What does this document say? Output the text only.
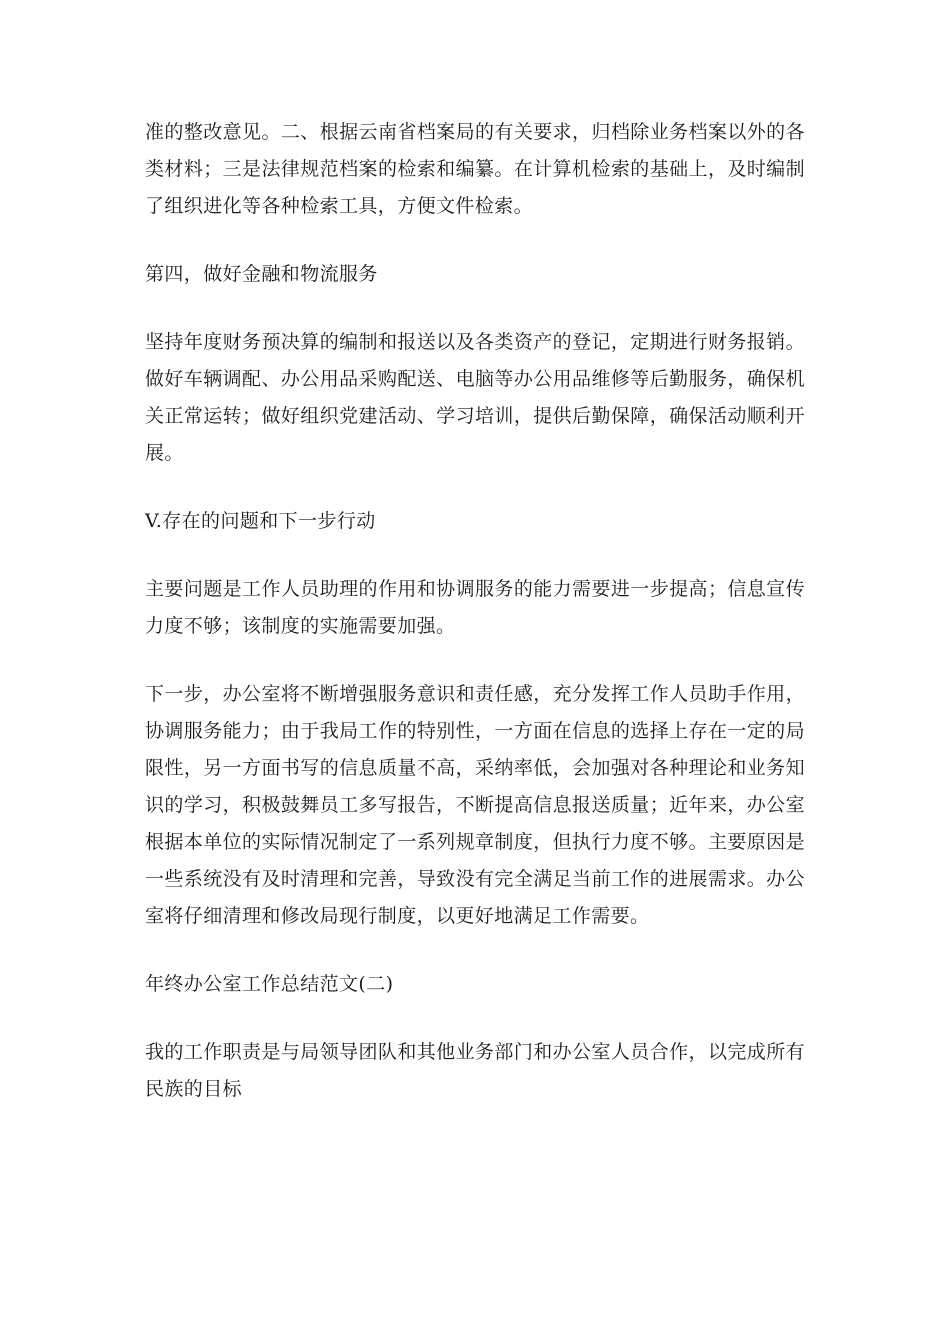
准的整改意见。二、根据云南省档案局的有关要求，归档除业务档案以外的各类材料；三是法律规范档案的检索和编纂。在计算机检索的基础上，及时编制了组织进化等各种检索工具，方便文件检索。

第四，做好金融和物流服务

坚持年度财务预决算的编制和报送以及各类资产的登记，定期进行财务报销。做好车辆调配、办公用品采购配送、电脑等办公用品维修等后勤服务，确保机关正常运转；做好组织党建活动、学习培训，提供后勤保障，确保活动顺利开展。

V.存在的问题和下一步行动

主要问题是工作人员助理的作用和协调服务的能力需要进一步提高；信息宣传力度不够；该制度的实施需要加强。

下一步，办公室将不断增强服务意识和责任感，充分发挥工作人员助手作用，协调服务能力；由于我局工作的特别性，一方面在信息的选择上存在一定的局限性，另一方面书写的信息质量不高，采纳率低，会加强对各种理论和业务知识的学习，积极鼓舞员工多写报告，不断提高信息报送质量；近年来，办公室根据本单位的实际情况制定了一系列规章制度，但执行力度不够。主要原因是一些系统没有及时清理和完善，导致没有完全满足当前工作的进展需求。办公室将仔细清理和修改局现行制度，以更好地满足工作需要。

年终办公室工作总结范文(二)

我的工作职责是与局领导团队和其他业务部门和办公室人员合作，以完成所有民族的目标
